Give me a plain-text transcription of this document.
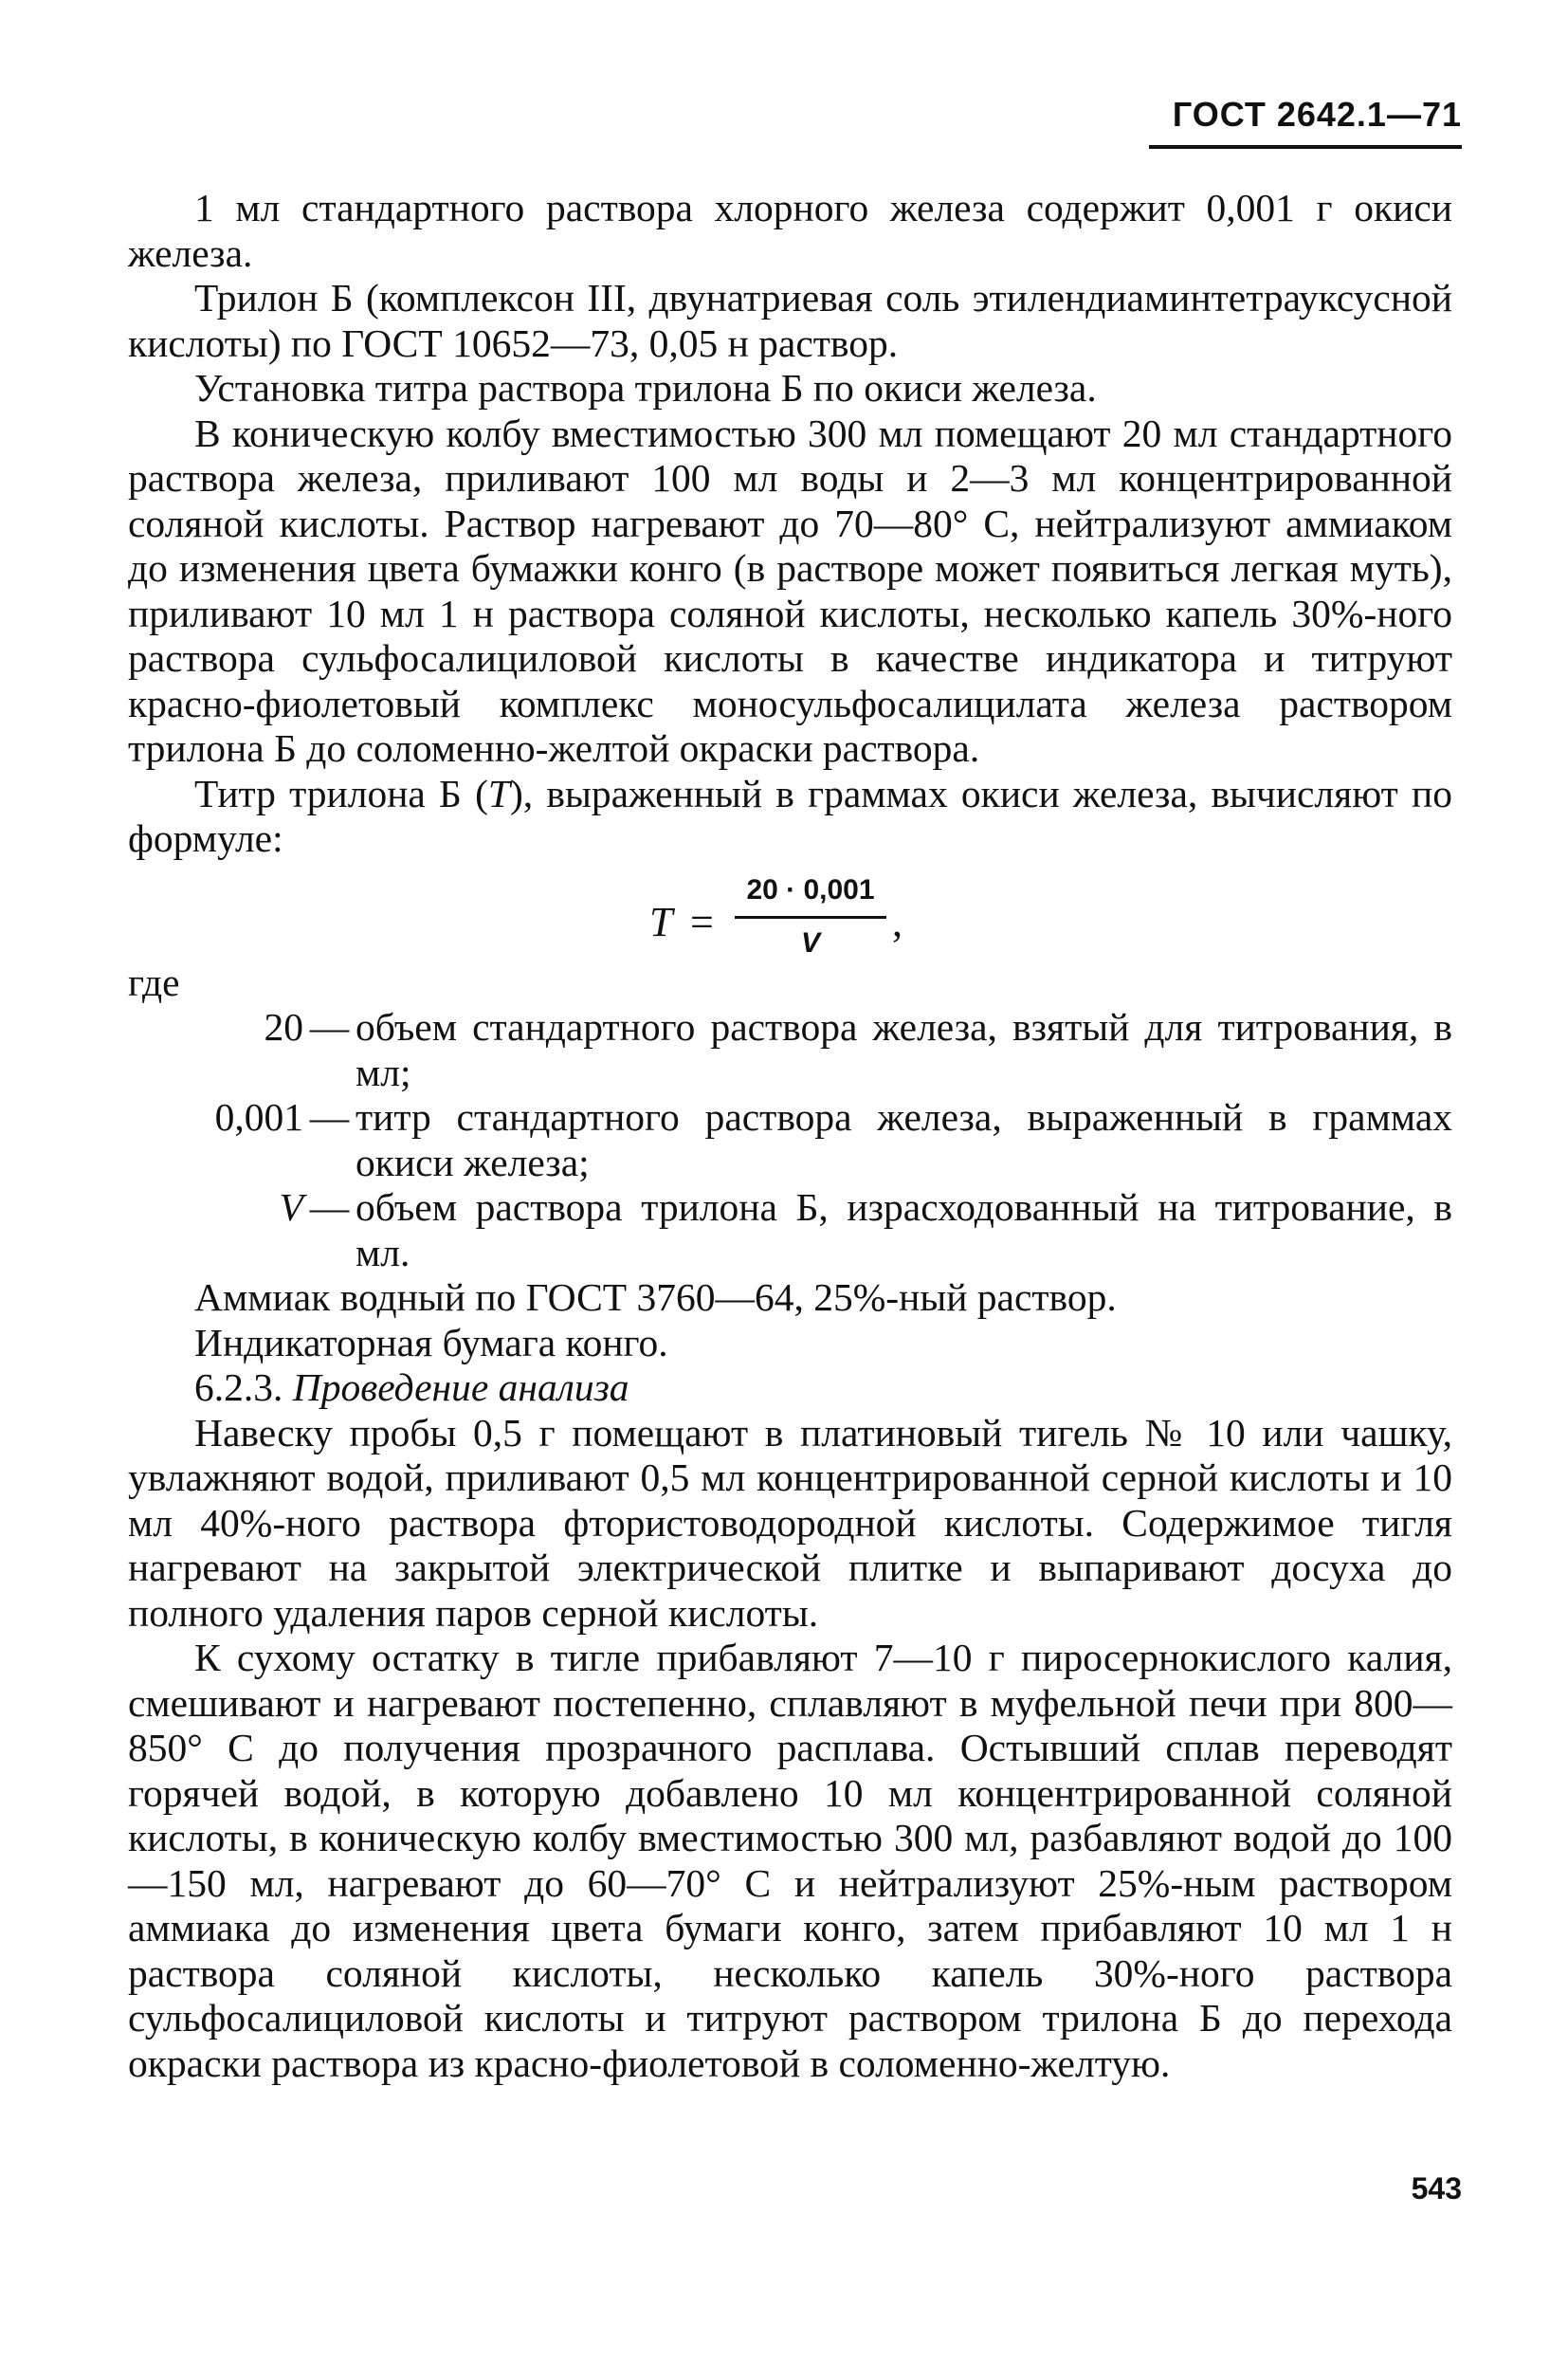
ГОСТ 2642.1—71

1 мл стандартного раствора хлорного железа содержит 0,001 г окиси железа.

Трилон Б (комплексон III, двунатриевая соль этилендиаминтетрауксусной кислоты) по ГОСТ 10652—73, 0,05 н раствор.

Установка титра раствора трилона Б по окиси железа.

В коническую колбу вместимостью 300 мл помещают 20 мл стандартного раствора железа, приливают 100 мл воды и 2—3 мл концентрированной соляной кислоты. Раствор нагревают до 70—80° С, нейтрализуют аммиаком до изменения цвета бумажки конго (в растворе может появиться легкая муть), приливают 10 мл 1 н раствора соляной кислоты, несколько капель 30%-ного раствора сульфосалициловой кислоты в качестве индикатора и титруют красно-фиолетовый комплекс моносульфосалицилата железа раствором трилона Б до соломенно-желтой окраски раствора.

Титр трилона Б (T), выраженный в граммах окиси железа, вычисляют по формуле:

T =
20 · 0,001
V	,

где

20 — объем стандартного раствора железа, взятый для титрования, в мл;
0,001 — титр стандартного раствора железа, выраженный в граммах окиси железа;
V — объем раствора трилона Б, израсходованный на титрование, в мл.

Аммиак водный по ГОСТ 3760—64, 25%-ный раствор.

Индикаторная бумага конго.

6.2.3. Проведение анализа

Навеску пробы 0,5 г помещают в платиновый тигель № 10 или чашку, увлажняют водой, приливают 0,5 мл концентрированной серной кислоты и 10 мл 40%-ного раствора фтористоводородной кислоты. Содержимое тигля нагревают на закрытой электрической плитке и выпаривают досуха до полного удаления паров серной кислоты.

К сухому остатку в тигле прибавляют 7—10 г пиросернокислого калия, смешивают и нагревают постепенно, сплавляют в муфельной печи при 800—850° С до получения прозрачного расплава. Остывший сплав переводят горячей водой, в которую добавлено 10 мл концентрированной соляной кислоты, в коническую колбу вместимостью 300 мл, разбавляют водой до 100—150 мл, нагревают до 60—70° С и нейтрализуют 25%-ным раствором аммиака до изменения цвета бумаги конго, затем прибавляют 10 мл 1 н раствора соляной кислоты, несколько капель 30%-ного раствора сульфосалициловой кислоты и титруют раствором трилона Б до перехода окраски раствора из красно-фиолетовой в соломенно-желтую.

543
